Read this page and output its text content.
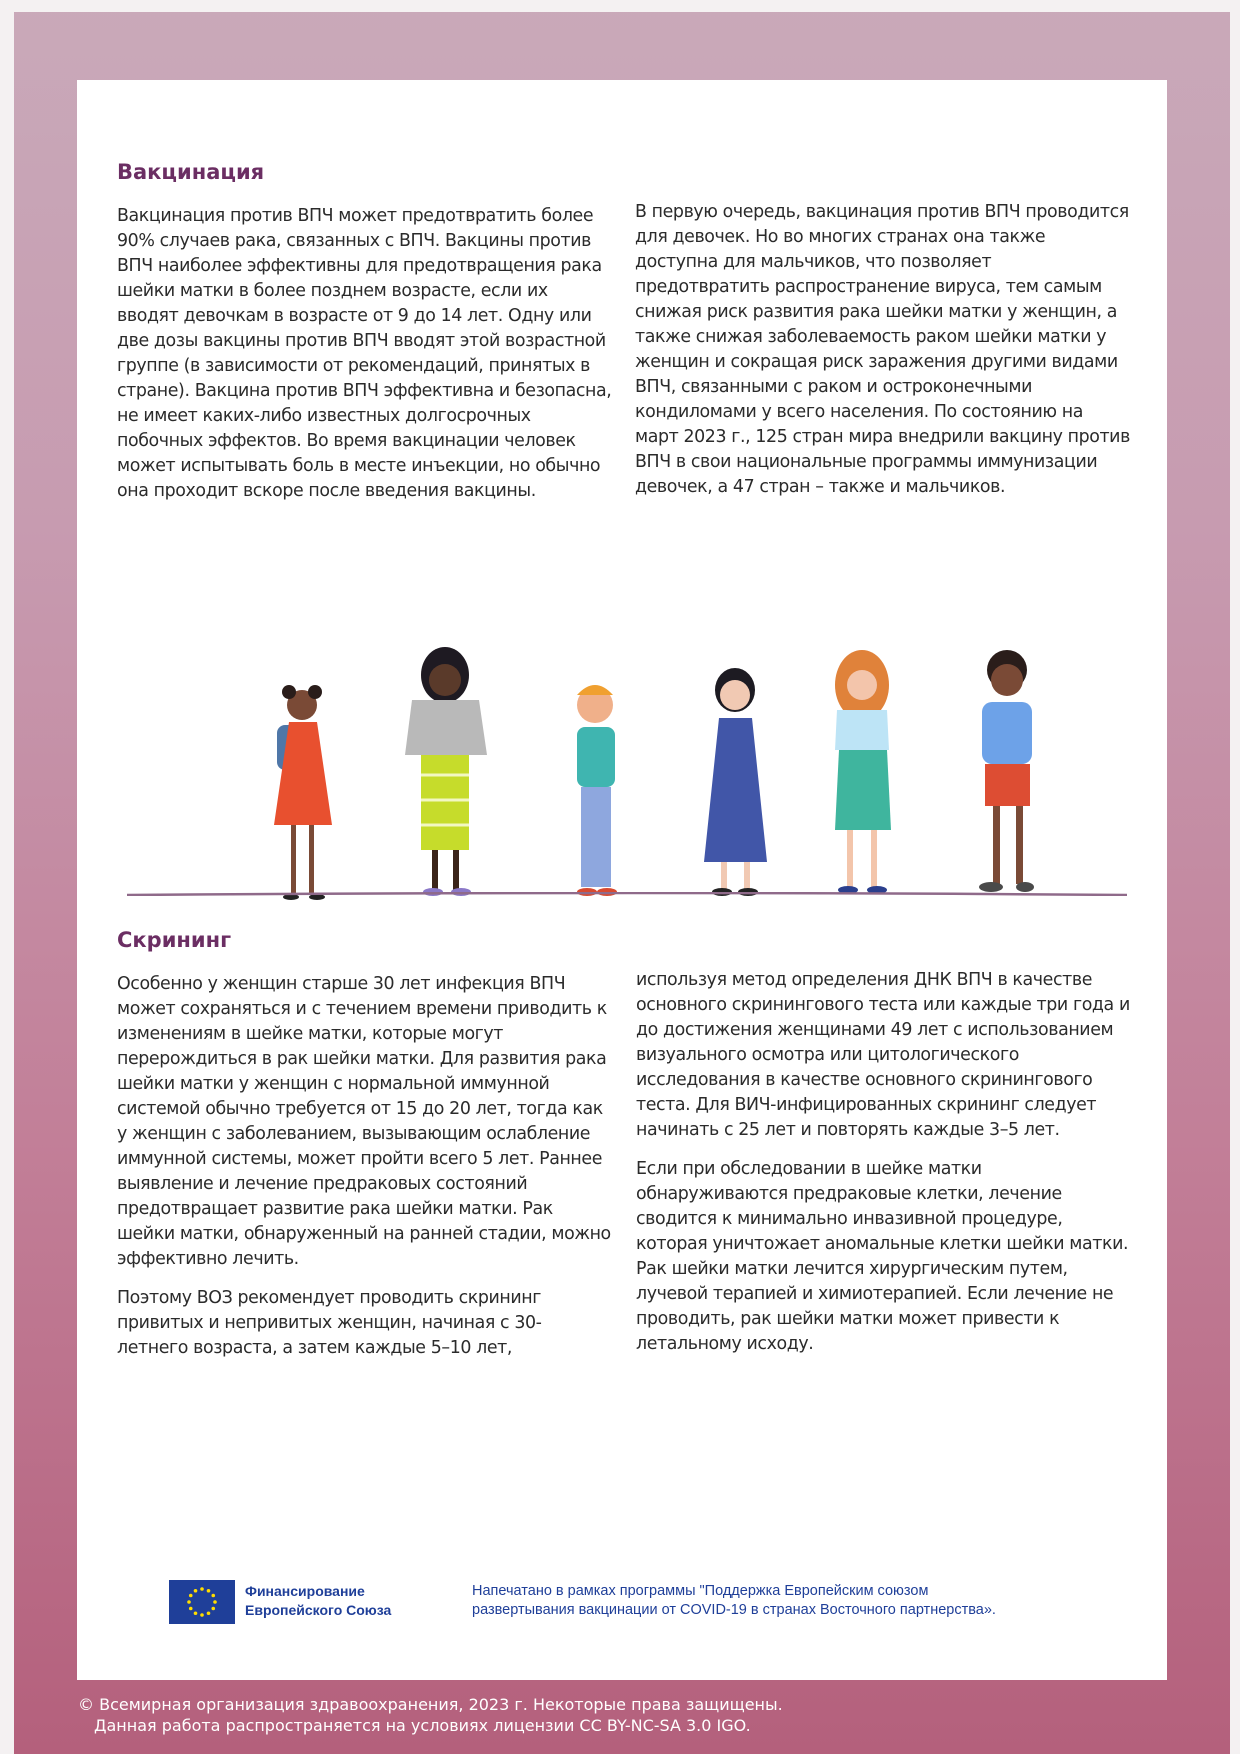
Вакцинация

Вакцинация против ВПЧ может предотвратить более 90% случаев рака, связанных с ВПЧ. Вакцины против ВПЧ наиболее эффективны для предотвращения рака шейки матки в более позднем возрасте, если их вводят девочкам в возрасте от 9 до 14 лет. Одну или две дозы вакцины против ВПЧ вводят этой возрастной группе (в зависимости от рекомендаций, принятых в стране). Вакцина против ВПЧ эффективна и безопасна, не имеет каких-либо известных долгосрочных побочных эффектов. Во время вакцинации человек может испытывать боль в месте инъекции, но обычно она проходит вскоре после введения вакцины.

В первую очередь, вакцинация против ВПЧ проводится для девочек. Но во многих странах она также доступна для мальчиков, что позволяет предотвратить распространение вируса, тем самым снижая риск развития рака шейки матки у женщин, а также снижая заболеваемость раком шейки матки у женщин и сокращая риск заражения другими видами ВПЧ, связанными с раком и остроконечными кондиломами у всего населения. По состоянию на март 2023 г., 125 стран мира внедрили вакцину против ВПЧ в свои национальные программы иммунизации девочек, а 47 стран – также и мальчиков.

Скрининг

Особенно у женщин старше 30 лет инфекция ВПЧ может сохраняться и с течением времени приводить к изменениям в шейке матки, которые могут перерождиться в рак шейки матки. Для развития рака шейки матки у женщин с нормальной иммунной системой обычно требуется от 15 до 20 лет, тогда как у женщин с заболеванием, вызывающим ослабление иммунной системы, может пройти всего 5 лет. Раннее выявление и лечение предраковых состояний предотвращает развитие рака шейки матки. Рак шейки матки, обнаруженный на ранней стадии, можно эффективно лечить.

Поэтому ВОЗ рекомендует проводить скрининг привитых и непривитых женщин, начиная с 30-летнего возраста, а затем каждые 5–10 лет,

используя метод определения ДНК ВПЧ в качестве основного скринингового теста или каждые три года и до достижения женщинами 49 лет с использованием визуального осмотра или цитологического исследования в качестве основного скринингового теста. Для ВИЧ-инфицированных скрининг следует начинать с 25 лет и повторять каждые 3–5 лет.

Если при обследовании в шейке матки обнаруживаются предраковые клетки, лечение сводится к минимально инвазивной процедуре, которая уничтожает аномальные клетки шейки матки. Рак шейки матки лечится хирургическим путем, лучевой терапией и химиотерапией. Если лечение не проводить, рак шейки матки может привести к летальному исходу.

Финансирование
Европейского Союза
Напечатано в рамках программы "Поддержка Европейским союзом
развертывания вакцинации от COVID-19 в странах Восточного партнерства».
© Всемирная организация здравоохранения, 2023 г. Некоторые права защищены.
Данная работа распространяется на условиях лицензии CC BY-NC-SA 3.0 IGO.
